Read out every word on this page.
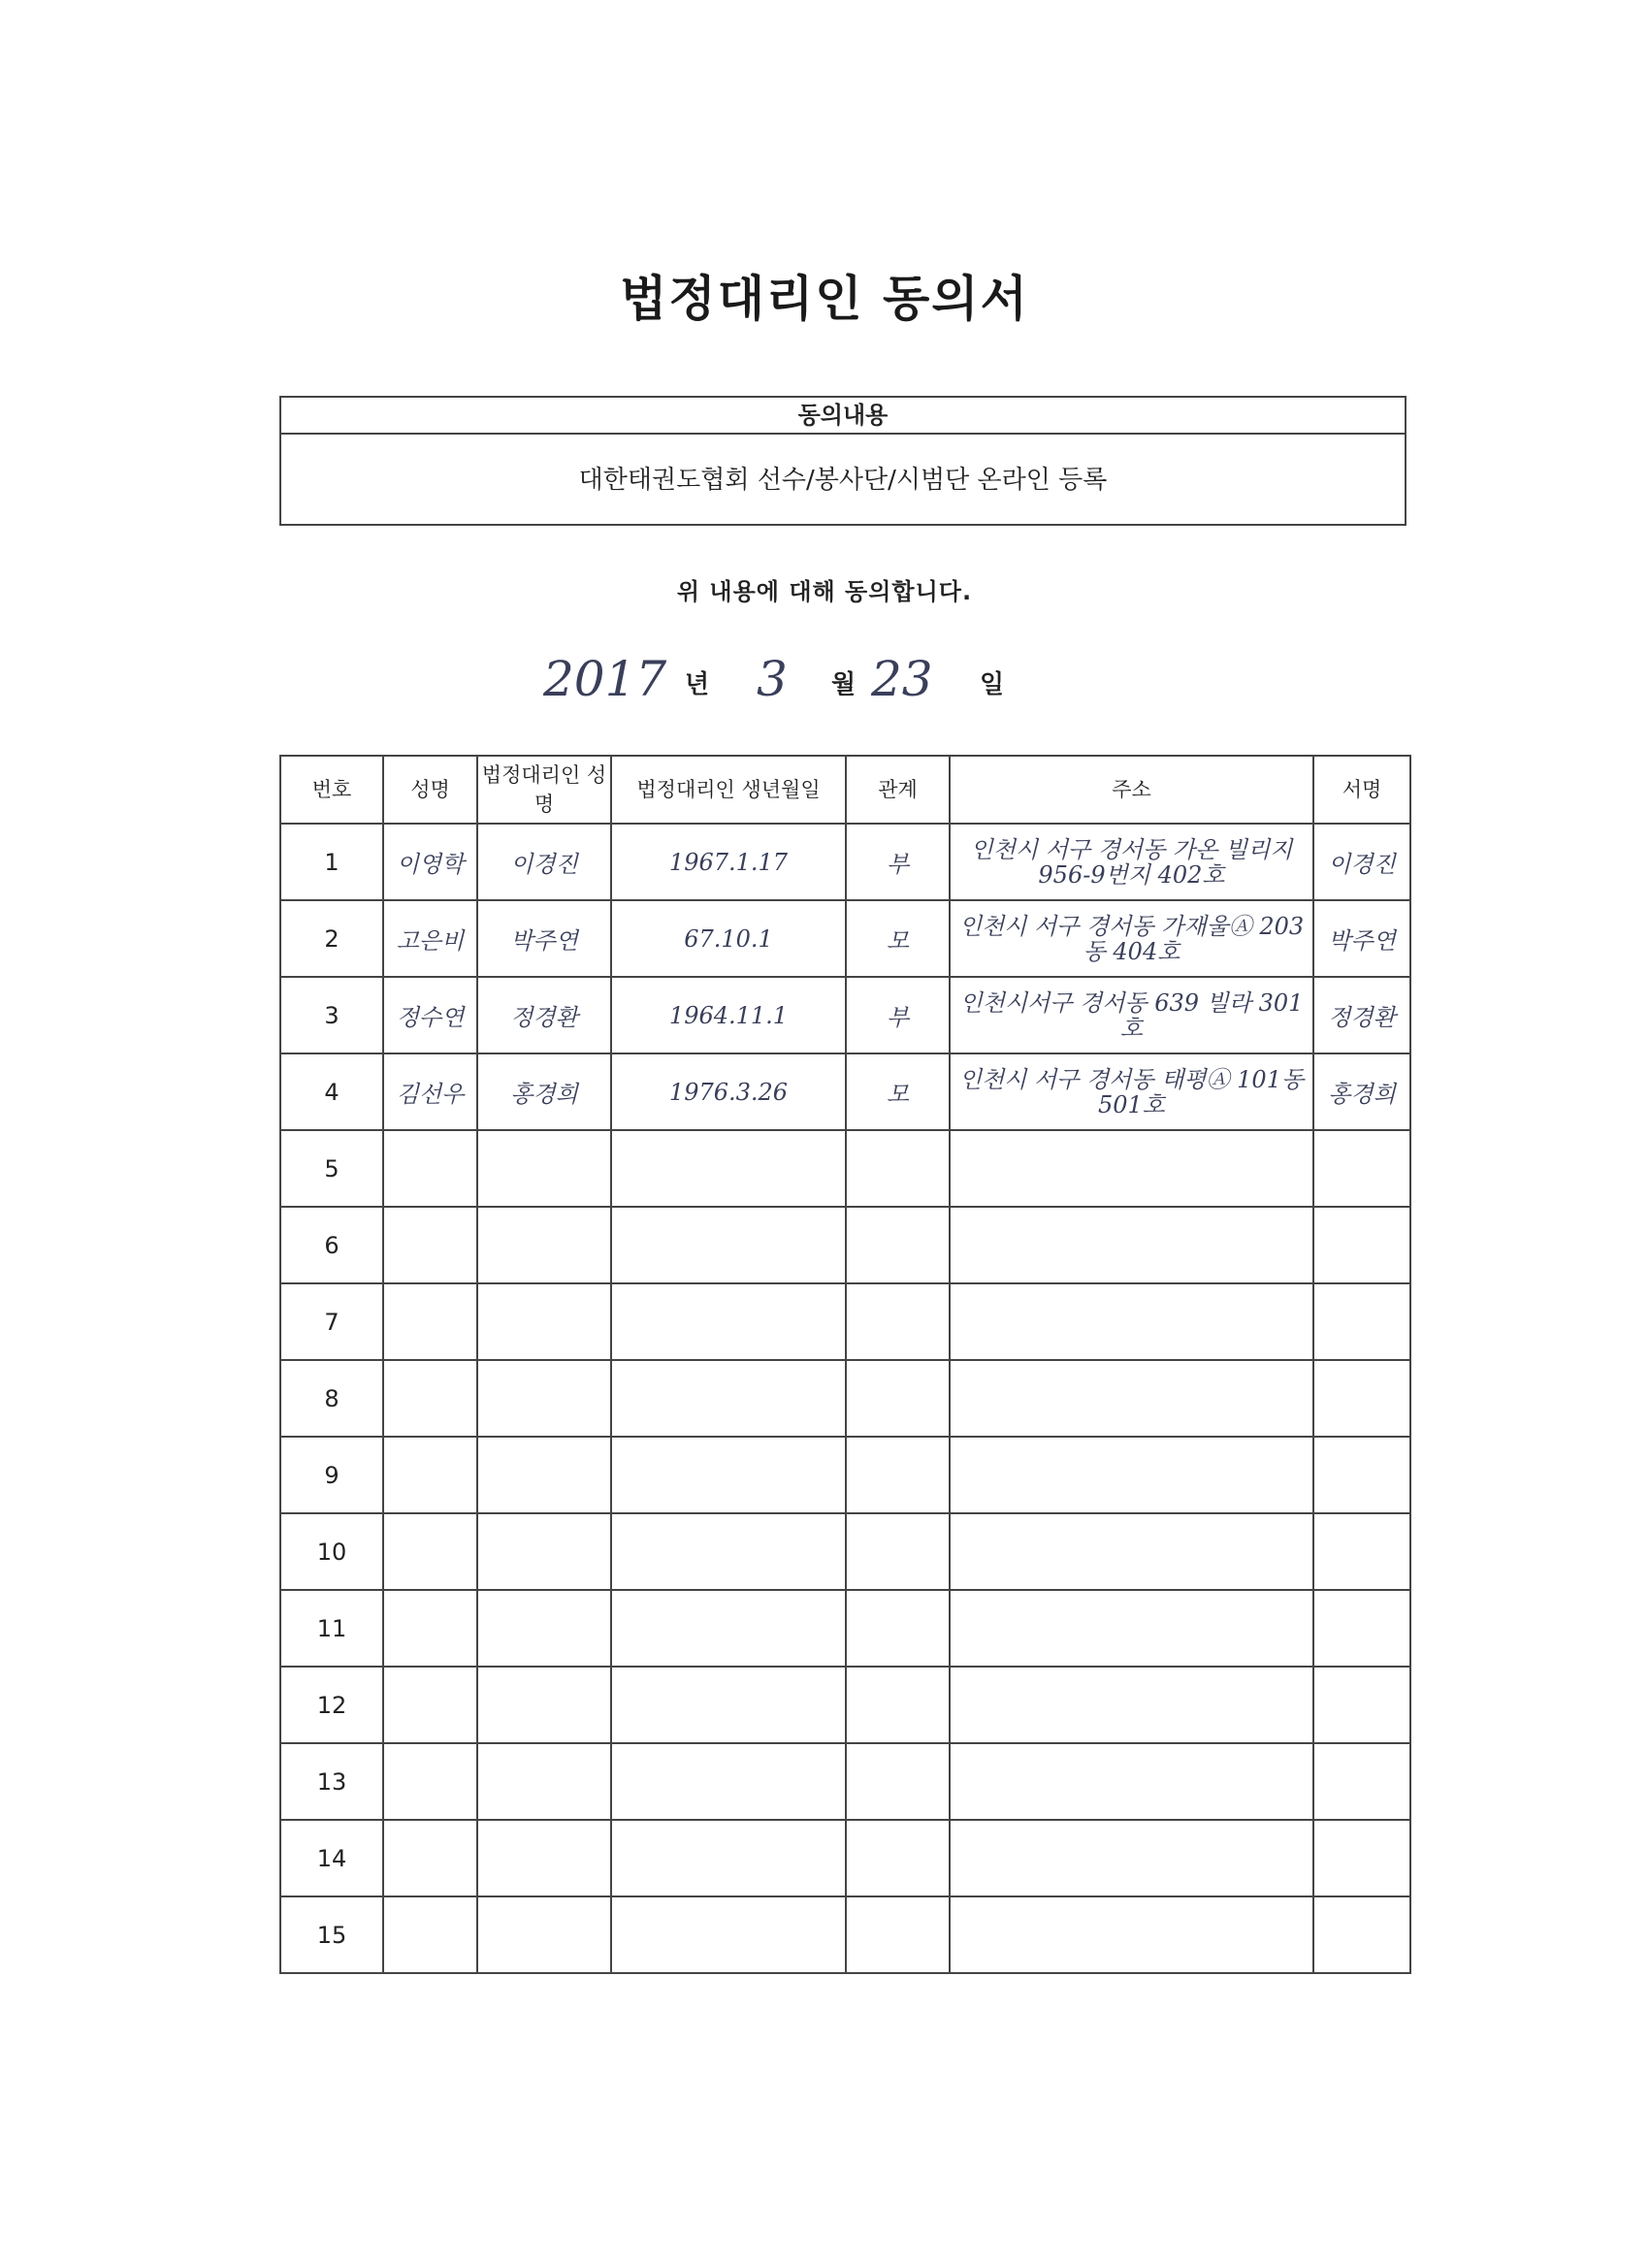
법정대리인 동의서
동의내용
대한태권도협회 선수/봉사단/시범단 온라인 등록
위 내용에 대해 동의합니다.
2017 년 3 월 23 일
번호	성명	법정대리인 성명	법정대리인 생년월일	관계	주소	서명
1	이영학	이경진	1967.1.17	부	인천시 서구 경서동 가온 빌리지 956-9번지 402호	이경진
2	고은비	박주연	67.10.1	모	인천시 서구 경서동 가재울Ⓐ 203동 404호	박주연
3	정수연	정경환	1964.11.1	부	인천시서구 경서동 639 빌라 301호	정경환
4	김선우	홍경희	1976.3.26	모	인천시 서구 경서동 태평Ⓐ 101동 501호	홍경희
5						
6						
7						
8						
9						
10						
11						
12						
13						
14						
15						
